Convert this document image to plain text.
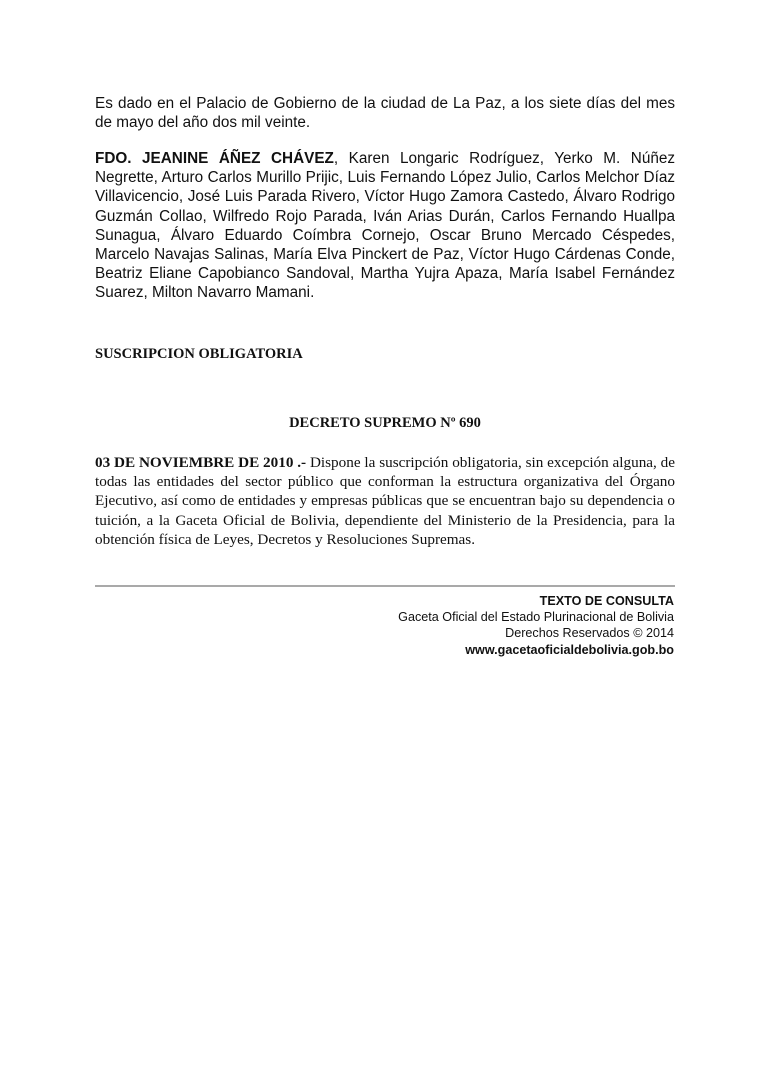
Es dado en el Palacio de Gobierno de la ciudad de La Paz, a los siete días del mes de mayo del año dos mil veinte.

FDO. JEANINE ÁÑEZ CHÁVEZ, Karen Longaric Rodríguez, Yerko M. Núñez Negrette, Arturo Carlos Murillo Prijic, Luis Fernando López Julio, Carlos Melchor Díaz Villavicencio, José Luis Parada Rivero, Víctor Hugo Zamora Castedo, Álvaro Rodrigo Guzmán Collao, Wilfredo Rojo Parada, Iván Arias Durán, Carlos Fernando Huallpa Sunagua, Álvaro Eduardo Coímbra Cornejo, Oscar Bruno Mercado Céspedes, Marcelo Navajas Salinas, María Elva Pinckert de Paz, Víctor Hugo Cárdenas Conde, Beatriz Eliane Capobianco Sandoval, Martha Yujra Apaza, María Isabel Fernández Suarez, Milton Navarro Mamani.

SUSCRIPCION OBLIGATORIA

DECRETO SUPREMO Nº 690

03 DE NOVIEMBRE DE 2010 .- Dispone la suscripción obligatoria, sin excepción alguna, de todas las entidades del sector público que conforman la estructura organizativa del Órgano Ejecutivo, así como de entidades y empresas públicas que se encuentran bajo su dependencia o tuición, a la Gaceta Oficial de Bolivia, dependiente del Ministerio de la Presidencia, para la obtención física de Leyes, Decretos y Resoluciones Supremas.

TEXTO DE CONSULTA
Gaceta Oficial del Estado Plurinacional de Bolivia
Derechos Reservados © 2014
www.gacetaoficialdebolivia.gob.bo
